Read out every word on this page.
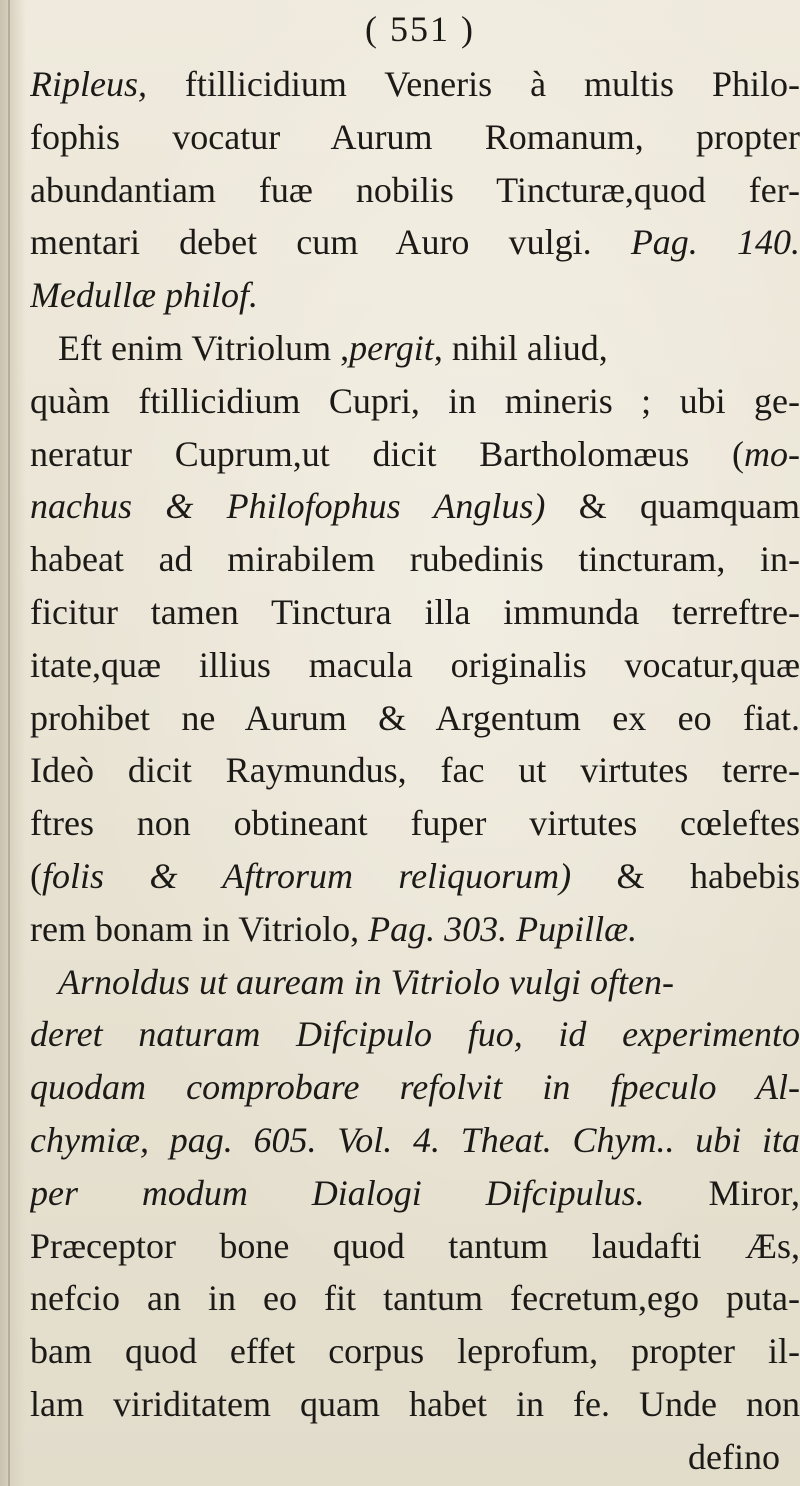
( 551 )
Ripleus, ftillicidium Veneris à multis Philo-
fophis vocatur Aurum Romanum, propter
abundantiam fuæ nobilis Tincturæ,quod fer-
mentari debet cum Auro vulgi. Pag. 140.
Medullæ philof.
Eft enim Vitriolum ,pergit, nihil aliud,
quàm ftillicidium Cupri, in mineris ; ubi ge-
neratur Cuprum,ut dicit Bartholomæus (mo-
nachus & Philofophus Anglus) & quamquam
habeat ad mirabilem rubedinis tincturam, in-
ficitur tamen Tinctura illa immunda terreftre-
itate,quæ illius macula originalis vocatur,quæ
prohibet ne Aurum & Argentum ex eo fiat.
Ideò dicit Raymundus, fac ut virtutes terre-
ftres non obtineant fuper virtutes cœleftes
(folis & Aftrorum reliquorum) & habebis
rem bonam in Vitriolo, Pag. 303. Pupillæ.
Arnoldus ut auream in Vitriolo vulgi often-
deret naturam Difcipulo fuo, id experimento
quodam comprobare refolvit in fpeculo Al-
chymiæ, pag. 605. Vol. 4. Theat. Chym.. ubi ita
per modum Dialogi Difcipulus. Miror,
Præceptor bone quod tantum laudafti Æs,
nefcio an in eo fit tantum fecretum,ego puta-
bam quod effet corpus leprofum, propter il-
lam viriditatem quam habet in fe. Unde non
defino
